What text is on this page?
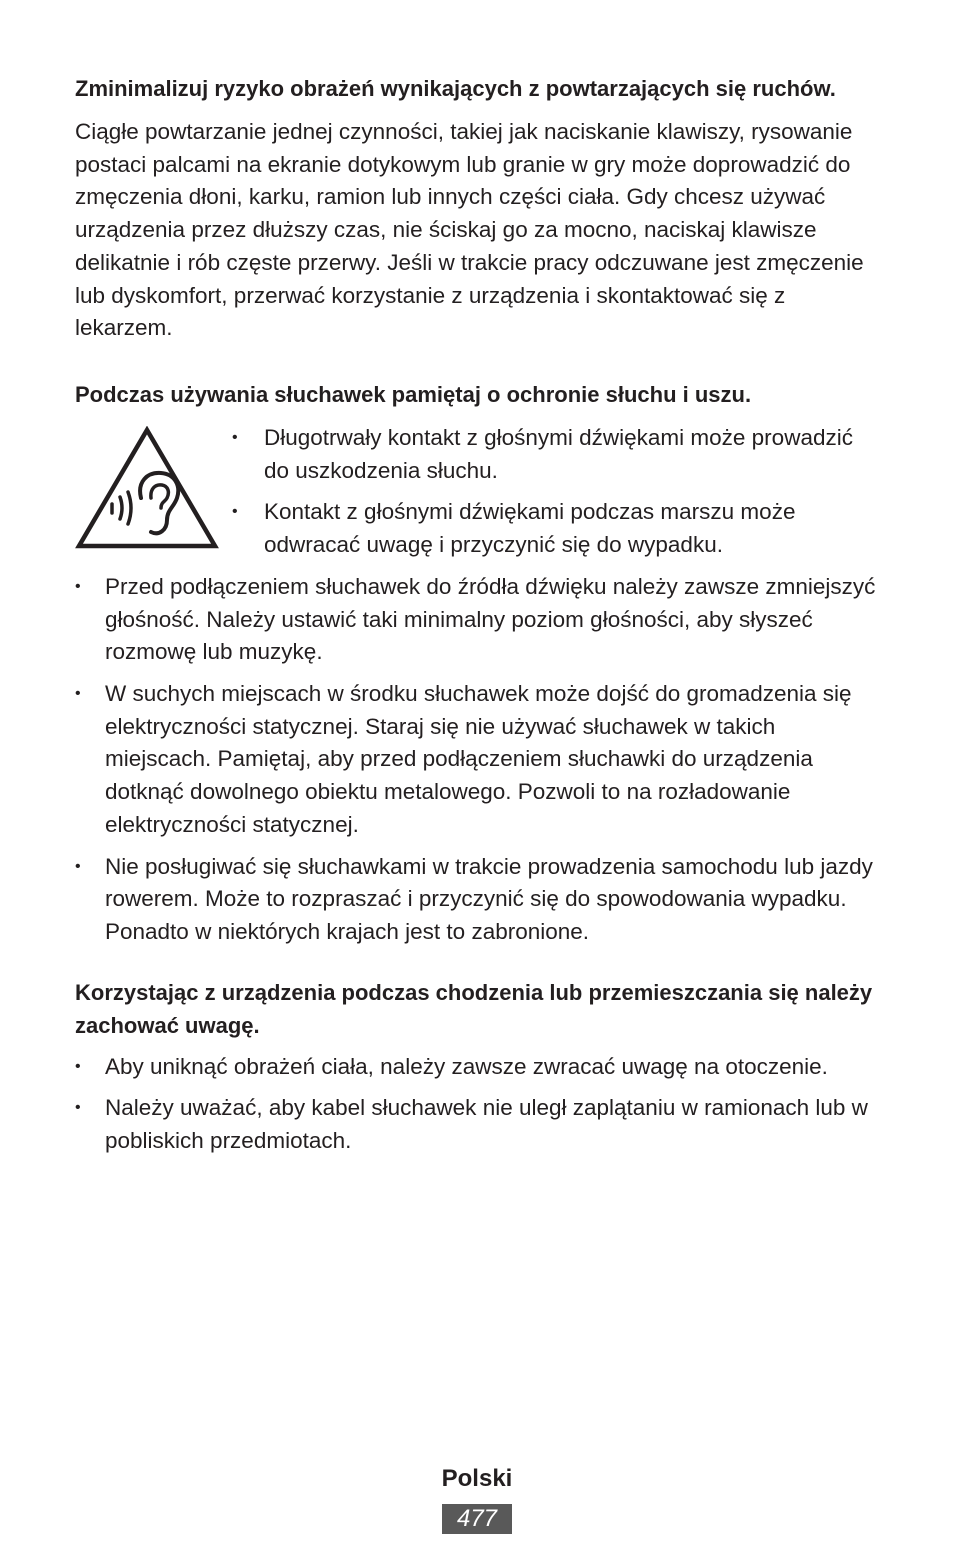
Zminimalizuj ryzyko obrażeń wynikających z powtarzających się ruchów.

Ciągłe powtarzanie jednej czynności, takiej jak naciskanie klawiszy, rysowanie postaci palcami na ekranie dotykowym lub granie w gry może doprowadzić do zmęczenia dłoni, karku, ramion lub innych części ciała. Gdy chcesz używać urządzenia przez dłuższy czas, nie ściskaj go za mocno, naciskaj klawisze delikatnie i rób częste przerwy. Jeśli w trakcie pracy odczuwane jest zmęczenie lub dyskomfort, przerwać korzystanie z urządzenia i skontaktować się z lekarzem.

Podczas używania słuchawek pamiętaj o ochronie słuchu i uszu.

• Długotrwały kontakt z głośnymi dźwiękami może prowadzić do uszkodzenia słuchu.
• Kontakt z głośnymi dźwiękami podczas marszu może odwracać uwagę i przyczynić się do wypadku.
• Przed podłączeniem słuchawek do źródła dźwięku należy zawsze zmniejszyć głośność. Należy ustawić taki minimalny poziom głośności, aby słyszeć rozmowę lub muzykę.
• W suchych miejscach w środku słuchawek może dojść do gromadzenia się elektryczności statycznej. Staraj się nie używać słuchawek w takich miejscach. Pamiętaj, aby przed podłączeniem słuchawki do urządzenia dotknąć dowolnego obiektu metalowego. Pozwoli to na rozładowanie elektryczności statycznej.
• Nie posługiwać się słuchawkami w trakcie prowadzenia samochodu lub jazdy rowerem. Może to rozpraszać i przyczynić się do spowodowania wypadku. Ponadto w niektórych krajach jest to zabronione.

Korzystając z urządzenia podczas chodzenia lub przemieszczania się należy zachować uwagę.

• Aby uniknąć obrażeń ciała, należy zawsze zwracać uwagę na otoczenie.
• Należy uważać, aby kabel słuchawek nie uległ zaplątaniu w ramionach lub w pobliskich przedmiotach.
Polski
477
